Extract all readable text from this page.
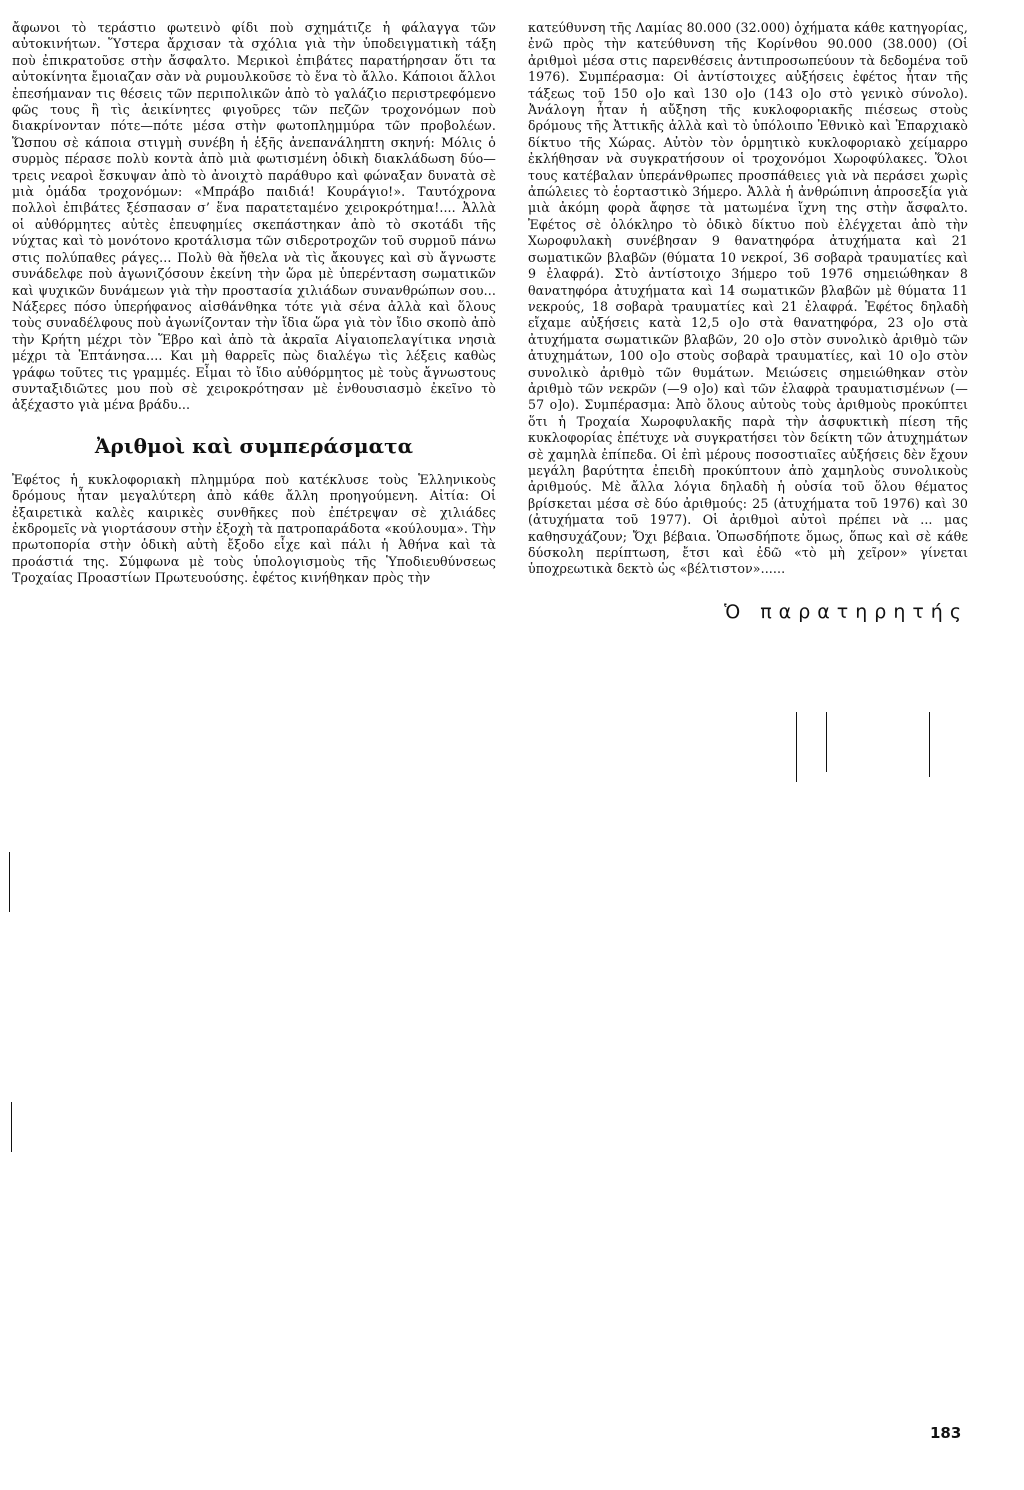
ἄφωνοι τὸ τεράστιο φωτεινὸ φίδι ποὺ σχημάτιζε ἡ φάλαγγα τῶν αὐτοκινήτων. Ὕστερα ἄρχισαν τὰ σχόλια γιὰ τὴν ὑποδειγματικὴ τάξη ποὺ ἐπικρατοῦσε στὴν ἄσφαλτο. Μερικοὶ ἐπιβάτες παρατήρησαν ὅτι τα αὐτοκίνητα ἔμοιαζαν σὰν νὰ ρυμουλκοῦσε τὸ ἕνα τὸ ἄλλο. Κάποιοι ἄλλοι ἐπεσήμαναν τις θέσεις τῶν περιπολικῶν ἀπὸ τὸ γαλάζιο περιστρεφόμενο φῶς τους ἢ τὶς ἀεικίνητες φιγοῦρες τῶν πεζῶν τροχονόμων ποὺ διακρίνονταν πότε—πότε μέσα στὴν φωτοπλημμύρα τῶν προβολέων. Ὥσπου σὲ κάποια στιγμὴ συνέβη ἡ ἑξῆς ἀνεπανάληπτη σκηνή: Μόλις ὁ συρμὸς πέρασε πολὺ κοντὰ ἀπὸ μιὰ φωτισμένη ὁδικὴ διακλάδωση δύο—τρεις νεαροὶ ἔσκυψαν ἀπὸ τὸ ἀνοιχτὸ παράθυρο καὶ φώναξαν δυνατὰ σὲ μιὰ ὁμάδα τροχονόμων: «Μπράβο παιδιά! Κουράγιο!». Ταυτόχρονα πολλοὶ ἐπιβάτες ξέσπασαν σ’ ἕνα παρατεταμένο χειροκρότημα!.... Ἀλλὰ οἱ αὐθόρμητες αὐτὲς ἐπευφημίες σκεπάστηκαν ἀπὸ τὸ σκοτάδι τῆς νύχτας καὶ τὸ μονότονο κροτάλισμα τῶν σιδεροτροχῶν τοῦ συρμοῦ πάνω στις πολύπαθες ράγες... Πολὺ θὰ ἤθελα νὰ τὶς ἄκουγες καὶ σὺ ἄγνωστε συνάδελφε ποὺ ἀγωνιζόσουν ἐκείνη τὴν ὥρα μὲ ὑπερένταση σωματικῶν καὶ ψυχικῶν δυνάμεων γιὰ τὴν προστασία χιλιάδων συνανθρώπων σου... Νάξερες πόσο ὑπερήφανος αἰσθάνθηκα τότε γιὰ σένα ἀλλὰ καὶ ὅλους τοὺς συναδέλφους ποὺ ἀγωνίζονταν τὴν ἴδια ὥρα γιὰ τὸν ἴδιο σκοπὸ ἀπὸ τὴν Κρήτη μέχρι τὸν Ἕβρο καὶ ἀπὸ τὰ ἀκραῖα Αἰγαιοπελαγίτικα νησιὰ μέχρι τὰ Ἑπτάνησα.... Και μὴ θαρρεῖς πὼς διαλέγω τὶς λέξεις καθὼς γράφω τοῦτες τις γραμμές. Εἶμαι τὸ ἴδιο αὐθόρμητος μὲ τοὺς ἄγνωστους συνταξιδιῶτες μου ποὺ σὲ χειροκρότησαν μὲ ἐνθουσιασμὸ ἐκεῖνο τὸ ἀξέχαστο γιὰ μένα βράδυ...

Ἀριθμοὶ καὶ συμπεράσματα

Ἐφέτος ἡ κυκλοφοριακὴ πλημμύρα ποὺ κατέκλυσε τοὺς Ἑλληνικοὺς δρόμους ἦταν μεγαλύτερη ἀπὸ κάθε ἄλλη προηγούμενη. Αἰτία: Οἱ ἐξαιρετικὰ καλὲς καιρικὲς συνθῆκες ποὺ ἐπέτρεψαν σὲ χιλιάδες ἐκδρομεῖς νὰ γιορτάσουν στὴν ἐξοχὴ τὰ πατροπαράδοτα «κούλουμα». Τὴν πρωτοπορία στὴν ὁδικὴ αὐτὴ ἔξοδο εἶχε καὶ πάλι ἡ Ἀθήνα καὶ τὰ προάστιά της. Σύμφωνα μὲ τοὺς ὑπολογισμοὺς τῆς Ὑποδιευθύνσεως Τροχαίας Προαστίων Πρωτευούσης. ἐφέτος κινήθηκαν πρὸς τὴν

κατεύθυνση τῆς Λαμίας 80.000 (32.000) ὀχήματα κάθε κατηγορίας, ἐνῶ πρὸς τὴν κατεύθυνση τῆς Κορίνθου 90.000 (38.000) (Οἱ ἀριθμοὶ μέσα στις παρενθέσεις ἀντιπροσωπεύουν τὰ δεδομένα τοῦ 1976). Συμπέρασμα: Οἱ ἀντίστοιχες αὐξήσεις ἐφέτος ἦταν τῆς τάξεως τοῦ 150 ο]ο καὶ 130 ο]ο (143 ο]ο στὸ γενικὸ σύνολο). Ἀνάλογη ἦταν ἡ αὔξηση τῆς κυκλοφοριακῆς πιέσεως στοὺς δρόμους τῆς Ἀττικῆς ἀλλὰ καὶ τὸ ὑπόλοιπο Ἐθνικὸ καὶ Ἐπαρχιακὸ δίκτυο τῆς Χώρας. Αὐτὸν τὸν ὁρμητικὸ κυκλοφοριακὸ χείμαρρο ἐκλήθησαν νὰ συγκρατήσουν οἱ τροχονόμοι Χωροφύλακες. Ὅλοι τους κατέβαλαν ὑπεράνθρωπες προσπάθειες γιὰ νὰ περάσει χωρὶς ἀπώλειες τὸ ἑορταστικὸ 3ήμερο. Ἀλλὰ ἡ ἀνθρώπινη ἀπροσεξία γιὰ μιὰ ἀκόμη φορὰ ἄφησε τὰ ματωμένα ἴχνη της στὴν ἄσφαλτο. Ἐφέτος σὲ ὁλόκληρο τὸ ὁδικὸ δίκτυο ποὺ ἐλέγχεται ἀπὸ τὴν Χωροφυλακὴ συνέβησαν 9 θανατηφόρα ἀτυχήματα καὶ 21 σωματικῶν βλαβῶν (θύματα 10 νεκροί, 36 σοβαρὰ τραυματίες καὶ 9 ἐλαφρά). Στὸ ἀντίστοιχο 3ήμερο τοῦ 1976 σημειώθηκαν 8 θανατηφόρα ἀτυχήματα καὶ 14 σωματικῶν βλαβῶν μὲ θύματα 11 νεκρούς, 18 σοβαρὰ τραυματίες καὶ 21 ἐλαφρά. Ἐφέτος δηλαδὴ εἴχαμε αὐξήσεις κατὰ 12,5 ο]ο στὰ θανατηφόρα, 23 ο]ο στὰ ἀτυχήματα σωματικῶν βλαβῶν, 20 ο]ο στὸν συνολικὸ ἀριθμὸ τῶν ἀτυχημάτων, 100 ο]ο στοὺς σοβαρὰ τραυματίες, καὶ 10 ο]ο στὸν συνολικὸ ἀριθμὸ τῶν θυμάτων. Μειώσεις σημειώθηκαν στὸν ἀριθμὸ τῶν νεκρῶν (—9 ο]ο) καὶ τῶν ἐλαφρὰ τραυματισμένων (—57 ο]ο). Συμπέρασμα: Ἀπὸ ὅλους αὐτοὺς τοὺς ἀριθμοὺς προκύπτει ὅτι ἡ Τροχαία Χωροφυλακῆς παρὰ τὴν ἀσφυκτικὴ πίεση τῆς κυκλοφορίας ἐπέτυχε νὰ συγκρατήσει τὸν δείκτη τῶν ἀτυχημάτων σὲ χαμηλὰ ἐπίπεδα. Οἱ ἐπὶ μέρους ποσοστιαῖες αὐξήσεις δὲν ἔχουν μεγάλη βαρύτητα ἐπειδὴ προκύπτουν ἀπὸ χαμηλοὺς συνολικοὺς ἀριθμούς. Μὲ ἄλλα λόγια δηλαδὴ ἡ οὐσία τοῦ ὅλου θέματος βρίσκεται μέσα σὲ δύο ἀριθμούς: 25 (ἀτυχήματα τοῦ 1976) καὶ 30 (ἀτυχήματα τοῦ 1977). Οἱ ἀριθμοὶ αὐτοὶ πρέπει νὰ ... μας καθησυχάζουν; Ὄχι βέβαια. Ὁπωσδήποτε ὅμως, ὅπως καὶ σὲ κάθε δύσκολη περίπτωση, ἔτσι καὶ ἐδῶ «τὸ μὴ χεῖρον» γίνεται ὑποχρεωτικὰ δεκτὸ ὡς «βέλτιστον»......

Ὁ παρατηρητής
183
